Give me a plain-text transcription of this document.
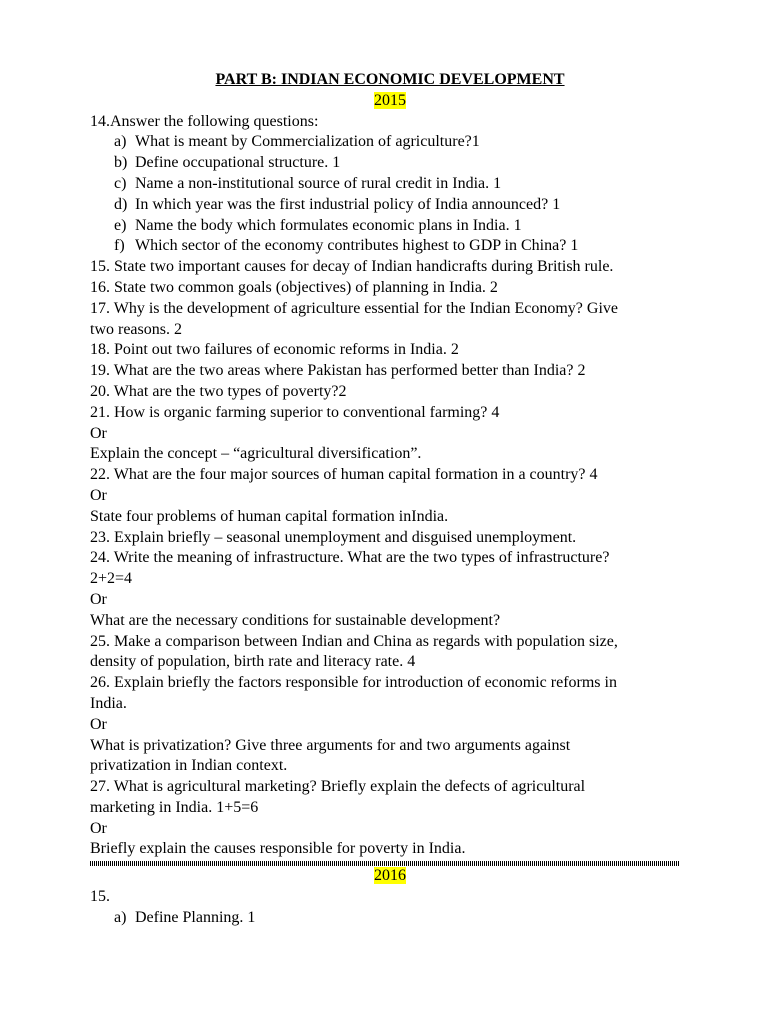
PART B: INDIAN ECONOMIC DEVELOPMENT
2015
14.Answer the following questions:
a) What is meant by Commercialization of agriculture?1
b) Define occupational structure. 1
c) Name a non-institutional source of rural credit in India. 1
d) In which year was the first industrial policy of India announced? 1
e) Name the body which formulates economic plans in India. 1
f) Which sector of the economy contributes highest to GDP in China? 1
15. State two important causes for decay of Indian handicrafts during British rule.
16. State two common goals (objectives) of planning in India. 2
17. Why is the development of agriculture essential for the Indian Economy? Give
two reasons. 2
18. Point out two failures of economic reforms in India. 2
19. What are the two areas where Pakistan has performed better than India? 2
20. What are the two types of poverty?2
21. How is organic farming superior to conventional farming? 4
Or
Explain the concept – “agricultural diversification”.
22. What are the four major sources of human capital formation in a country? 4
Or
State four problems of human capital formation inIndia.
23. Explain briefly – seasonal unemployment and disguised unemployment.
24. Write the meaning of infrastructure. What are the two types of infrastructure?
2+2=4
Or
What are the necessary conditions for sustainable development?
25. Make a comparison between Indian and China as regards with population size,
density of population, birth rate and literacy rate. 4
26. Explain briefly the factors responsible for introduction of economic reforms in
India.
Or
What is privatization? Give three arguments for and two arguments against
privatization in Indian context.
27. What is agricultural marketing? Briefly explain the defects of agricultural
marketing in India. 1+5=6
Or
Briefly explain the causes responsible for poverty in India.
2016
15.
a) Define Planning. 1
